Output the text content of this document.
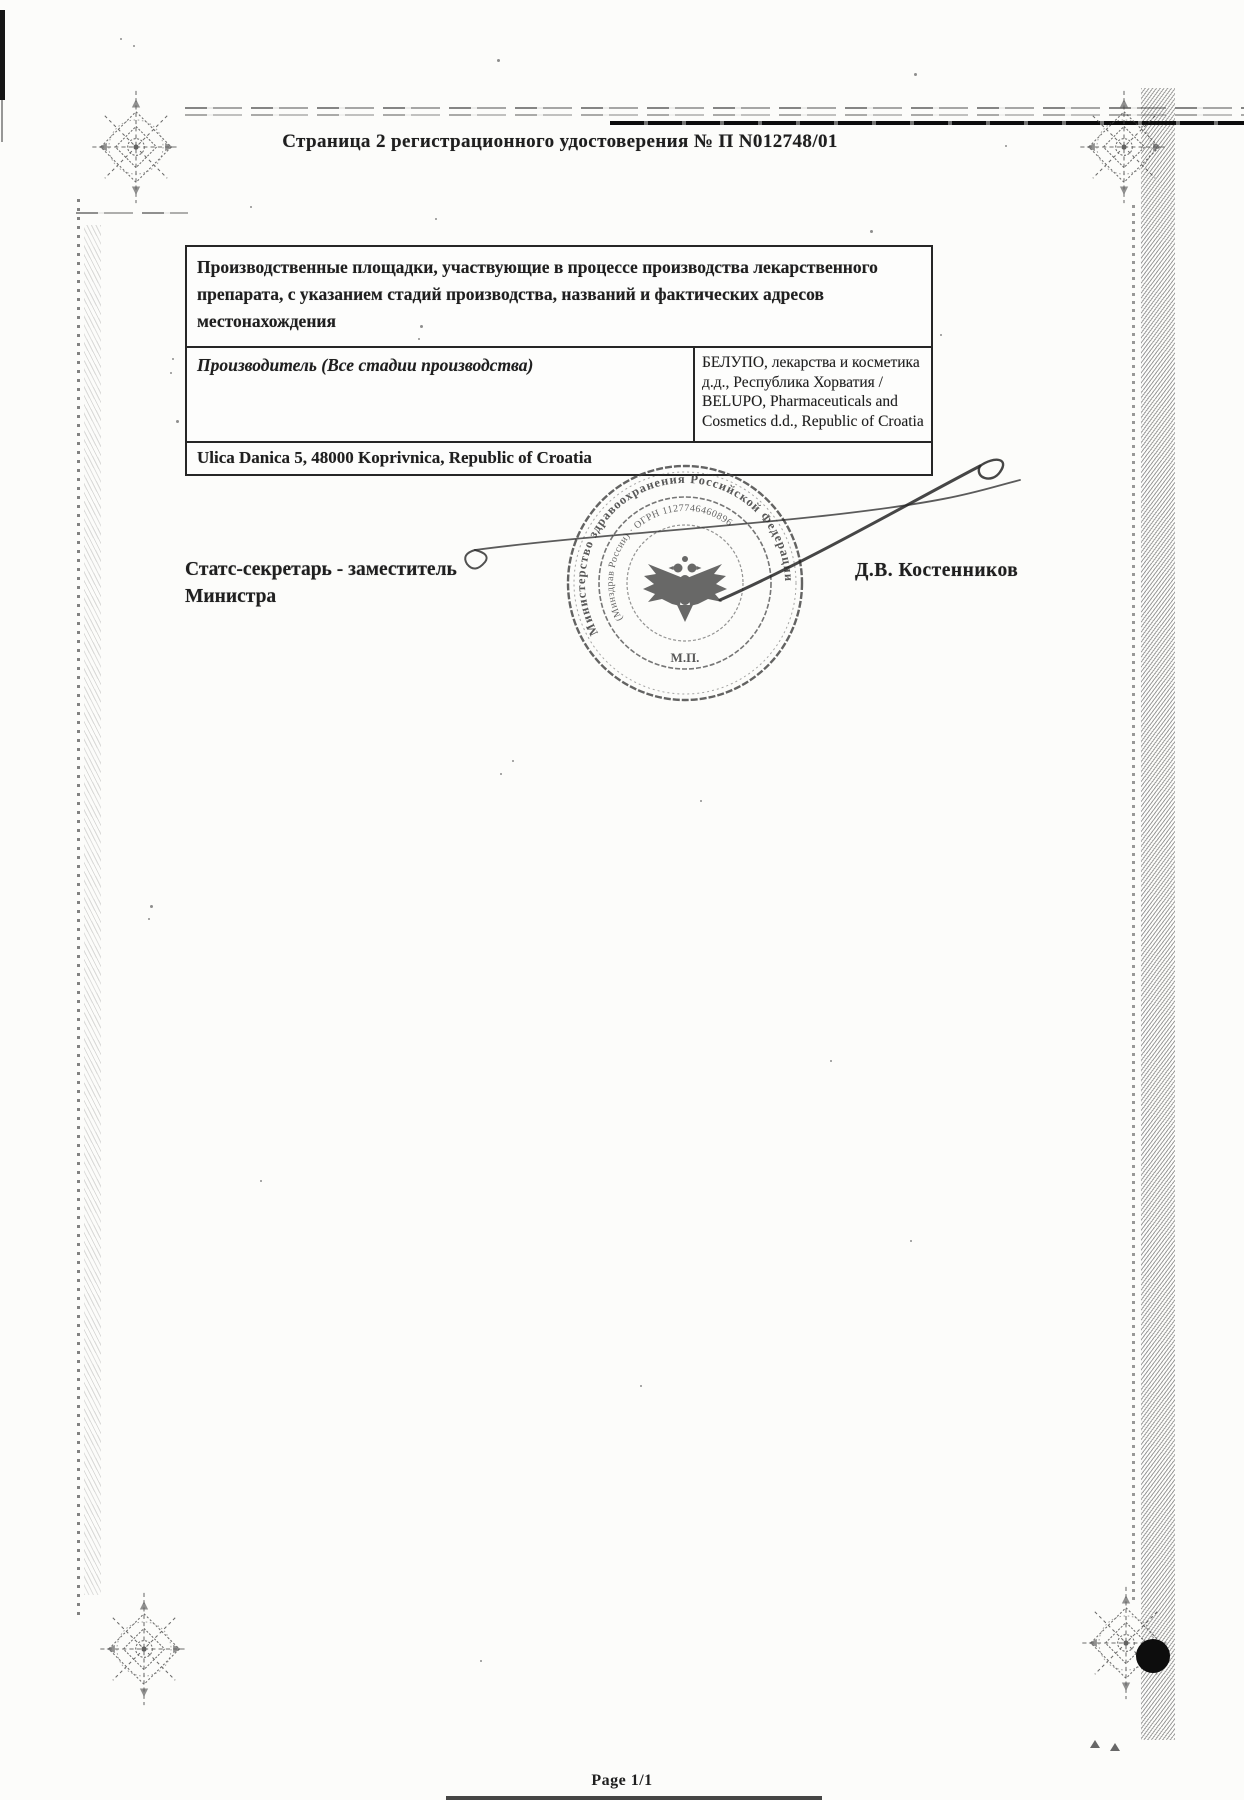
Страница 2 регистрационного удостоверения № П N012748/01
Производственные площадки, участвующие в процессе производства лекарственного препарата, с указанием стадий производства, названий и фактических адресов местонахождения
Производитель (Все стадии производства)	БЕЛУПО, лекарства и косметика д.д., Республика Хорватия / BELUPO, Pharmaceuticals and Cosmetics d.d., Republic of Croatia
Ulica Danica 5, 48000 Koprivnica, Republic of Croatia
Статс-секретарь - заместитель Министра
Д.В. Костенников
Министерство здравоохранения Российской Федерации
(Минздрав России) · ОГРН 1127746460896
М.П.
Page 1/1
